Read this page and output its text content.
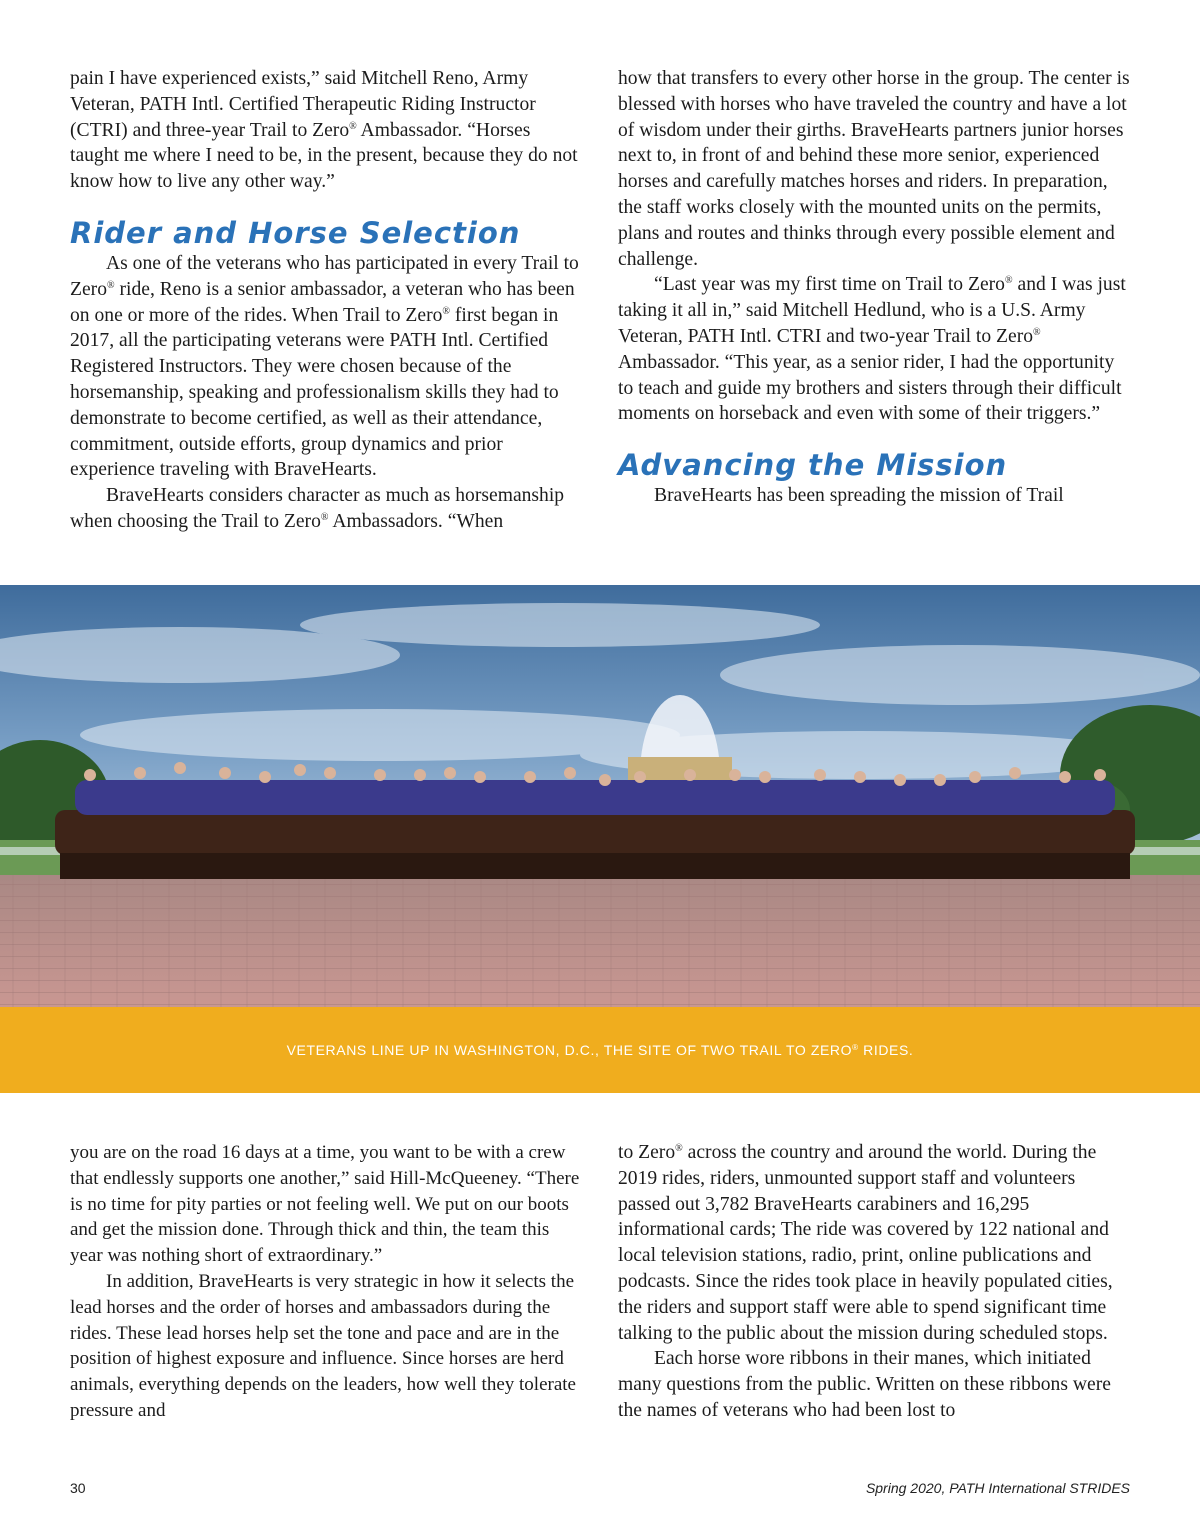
pain I have experienced exists,” said Mitchell Reno, Army Veteran, PATH Intl. Certified Therapeutic Riding Instructor (CTRI) and three-year Trail to Zero® Ambassador. “Horses taught me where I need to be, in the present, because they do not know how to live any other way.”

Rider and Horse Selection

As one of the veterans who has participated in every Trail to Zero® ride, Reno is a senior ambassador, a veteran who has been on one or more of the rides. When Trail to Zero® first began in 2017, all the participating veterans were PATH Intl. Certified Registered Instructors. They were chosen because of the horsemanship, speaking and professionalism skills they had to demonstrate to become certified, as well as their attendance, commitment, outside efforts, group dynamics and prior experience traveling with BraveHearts.

BraveHearts considers character as much as horsemanship when choosing the Trail to Zero® Ambassadors. “When

how that transfers to every other horse in the group. The center is blessed with horses who have traveled the country and have a lot of wisdom under their girths. BraveHearts partners junior horses next to, in front of and behind these more senior, experienced horses and carefully matches horses and riders. In preparation, the staff works closely with the mounted units on the permits, plans and routes and thinks through every possible element and challenge.

“Last year was my first time on Trail to Zero® and I was just taking it all in,” said Mitchell Hedlund, who is a U.S. Army Veteran, PATH Intl. CTRI and two-year Trail to Zero® Ambassador. “This year, as a senior rider, I had the opportunity to teach and guide my brothers and sisters through their difficult moments on horseback and even with some of their triggers.”

Advancing the Mission

BraveHearts has been spreading the mission of Trail

VETERANS LINE UP IN WASHINGTON, D.C., THE SITE OF TWO TRAIL TO ZERO® RIDES.

you are on the road 16 days at a time, you want to be with a crew that endlessly supports one another,” said Hill-McQueeney. “There is no time for pity parties or not feeling well. We put on our boots and get the mission done. Through thick and thin, the team this year was nothing short of extraordinary.”

In addition, BraveHearts is very strategic in how it selects the lead horses and the order of horses and ambassadors during the rides. These lead horses help set the tone and pace and are in the position of highest exposure and influence. Since horses are herd animals, everything depends on the leaders, how well they tolerate pressure and

to Zero® across the country and around the world. During the 2019 rides, riders, unmounted support staff and volunteers passed out 3,782 BraveHearts carabiners and 16,295 informational cards; The ride was covered by 122 national and local television stations, radio, print, online publications and podcasts. Since the rides took place in heavily populated cities, the riders and support staff were able to spend significant time talking to the public about the mission during scheduled stops.

Each horse wore ribbons in their manes, which initiated many questions from the public. Written on these ribbons were the names of veterans who had been lost to

30	Spring 2020, PATH International STRIDES
